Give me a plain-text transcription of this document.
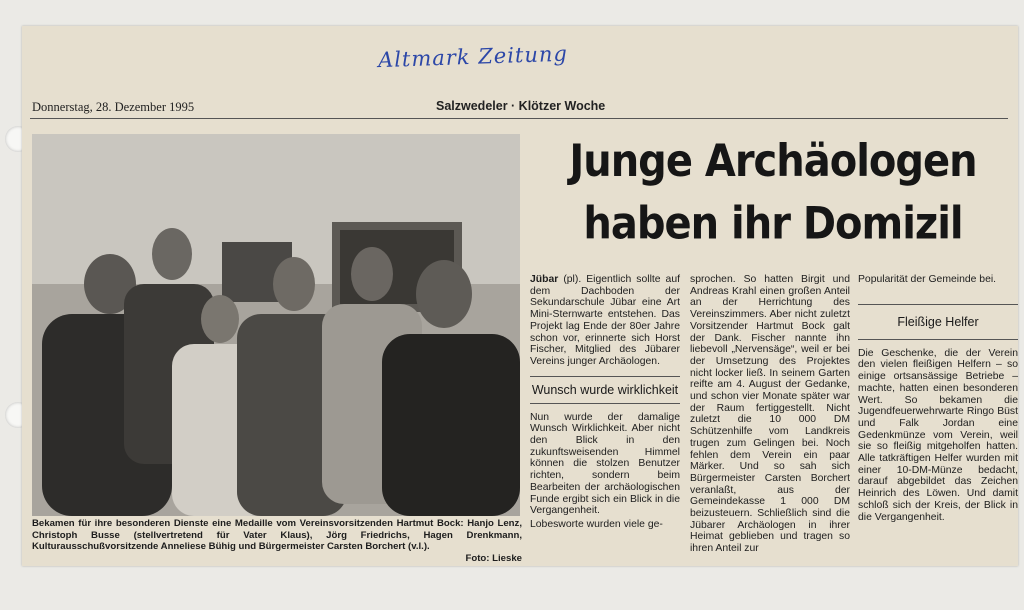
Altmark Zeitung
Donnerstag, 28. Dezember 1995	Salzwedeler · Klötzer Woche
Bekamen für ihre besonderen Dienste eine Medaille vom Vereinsvorsitzenden Hartmut Bock: Hanjo Lenz, Christoph Busse (stellvertretend für Vater Klaus), Jörg Friedrichs, Hagen Drenkmann, Kulturausschußvorsitzende Anneliese Bühig und Bürgermeister Carsten Borchert (v.l.).
Foto: Lieske
Junge Archäologen
haben ihr Domizil

Jübar (pl). Eigentlich sollte auf dem Dachboden der Sekundarschule Jübar eine Art Mini-Sternwarte entstehen. Das Projekt lag Ende der 80er Jahre schon vor, erinnerte sich Horst Fischer, Mitglied des Jübarer Vereins junger Archäologen.

Wunsch wurde wirklichkeit

Nun wurde der damalige Wunsch Wirklichkeit. Aber nicht den Blick in den zukunftsweisenden Himmel können die stolzen Benutzer richten, sondern beim Bearbeiten der archäologischen Funde ergibt sich ein Blick in die Vergangenheit.

Lobesworte wurden viele ge-

sprochen. So hatten Birgit und Andreas Krahl einen großen Anteil an der Herrichtung des Vereinszimmers. Aber nicht zuletzt Vorsitzender Hartmut Bock galt der Dank. Fischer nannte ihn liebevoll „Nervensäge“, weil er bei der Umsetzung des Projektes nicht locker ließ. In seinem Garten reifte am 4. August der Gedanke, und schon vier Monate später war der Raum fertiggestellt. Nicht zuletzt die 10 000 DM Schützenhilfe vom Landkreis trugen zum Gelingen bei. Noch fehlen dem Verein ein paar Märker. Und so sah sich Bürgermeister Carsten Borchert veranlaßt, aus der Gemeindekasse 1 000 DM beizusteuern. Schließlich sind die Jübarer Archäologen in ihrer Heimat geblieben und tragen so ihren Anteil zur

Popularität der Gemeinde bei.

Fleißige Helfer

Die Geschenke, die der Verein den vielen fleißigen Helfern – so einige ortsansässige Betriebe – machte, hatten einen besonderen Wert. So bekamen die Jugendfeuerwehrwarte Ringo Büst und Falk Jordan eine Gedenkmünze vom Verein, weil sie so fleißig mitgeholfen hatten. Alle tatkräftigen Helfer wurden mit einer 10-DM-Münze bedacht, darauf abgebildet das Zeichen Heinrich des Löwen. Und damit schloß sich der Kreis, der Blick in die Vergangenheit.
